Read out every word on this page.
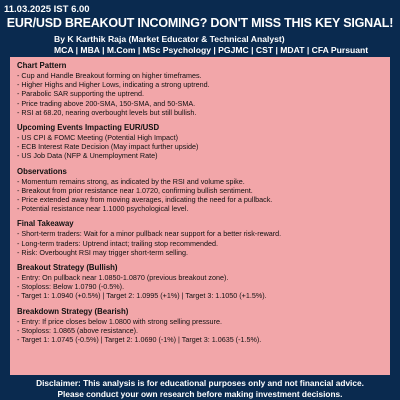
11.03.2025 IST 6.00
EUR/USD BREAKOUT INCOMING? DON'T MISS THIS KEY SIGNAL!
By K Karthik Raja (Market Educator & Technical Analyst)
MCA | MBA | M.Com | MSc Psychology | PGJMC | CST | MDAT | CFA Pursuant
Chart Pattern
- Cup and Handle Breakout forming on higher timeframes.
- Higher Highs and Higher Lows, indicating a strong uptrend.
- Parabolic SAR supporting the uptrend.
- Price trading above 200-SMA, 150-SMA, and 50-SMA.
- RSI at 68.20, nearing overbought levels but still bullish.
Upcoming Events Impacting EUR/USD
- US CPI & FOMC Meeting (Potential High Impact)
- ECB Interest Rate Decision (May impact further upside)
- US Job Data (NFP & Unemployment Rate)
Observations
- Momentum remains strong, as indicated by the RSI and volume spike.
- Breakout from prior resistance near 1.0720, confirming bullish sentiment.
- Price extended away from moving averages, indicating the need for a pullback.
- Potential resistance near 1.1000 psychological level.
Final Takeaway
- Short-term traders: Wait for a minor pullback near support for a better risk-reward.
- Long-term traders: Uptrend intact; trailing stop recommended.
- Risk: Overbought RSI may trigger short-term selling.
Breakout Strategy (Bullish)
- Entry: On pullback near 1.0850-1.0870 (previous breakout zone).
- Stoploss: Below 1.0790 (-0.5%).
- Target 1: 1.0940 (+0.5%) | Target 2: 1.0995 (+1%) | Target 3: 1.1050 (+1.5%).
Breakdown Strategy (Bearish)
- Entry: If price closes below 1.0800 with strong selling pressure.
- Stoploss: 1.0865 (above resistance).
- Target 1: 1.0745 (-0.5%) | Target 2: 1.0690 (-1%) | Target 3: 1.0635 (-1.5%).
Disclaimer: This analysis is for educational purposes only and not financial advice.
Please conduct your own research before making investment decisions.
